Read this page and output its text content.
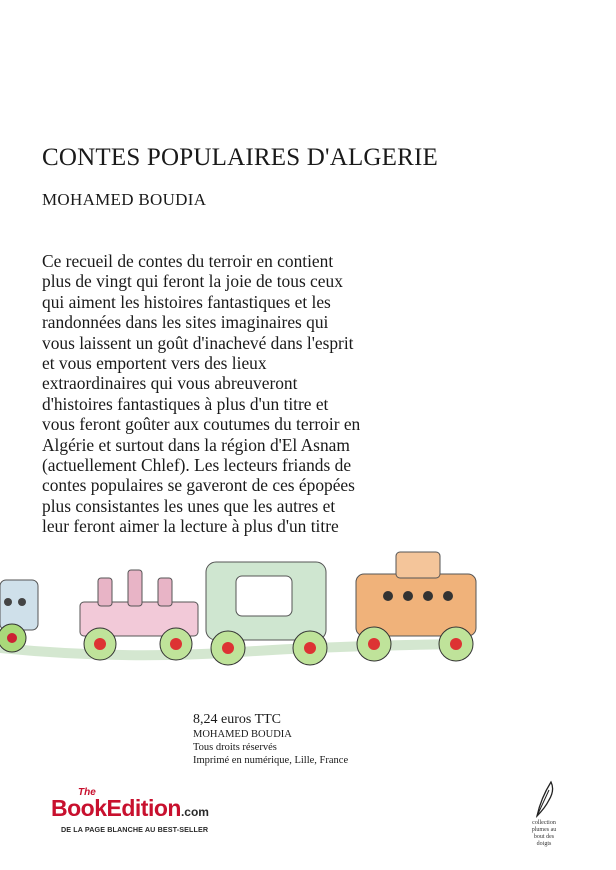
CONTES POPULAIRES D'ALGERIE
MOHAMED BOUDIA

Ce recueil de contes du terroir en contient
plus de vingt qui feront la joie de tous ceux
qui aiment les histoires fantastiques et les
randonnées dans les sites imaginaires qui
vous laissent un goût d'inachevé dans l'esprit
et vous emportent vers des lieux
extraordinaires qui vous abreuveront
d'histoires fantastiques à plus d'un titre et
vous feront goûter aux coutumes du terroir en
Algérie et surtout dans la région d'El Asnam
(actuellement Chlef). Les lecteurs friands de
contes populaires se gaveront de ces épopées
plus consistantes les unes que les autres et
leur feront aimer la lecture à plus d'un titre

8,24 euros TTC
MOHAMED BOUDIA
Tous droits réservés
Imprimé en numérique, Lille, France
The
BookEdition.com
DE LA PAGE BLANCHE AU BEST-SELLER
collection
plumes au
bout des
doigts
